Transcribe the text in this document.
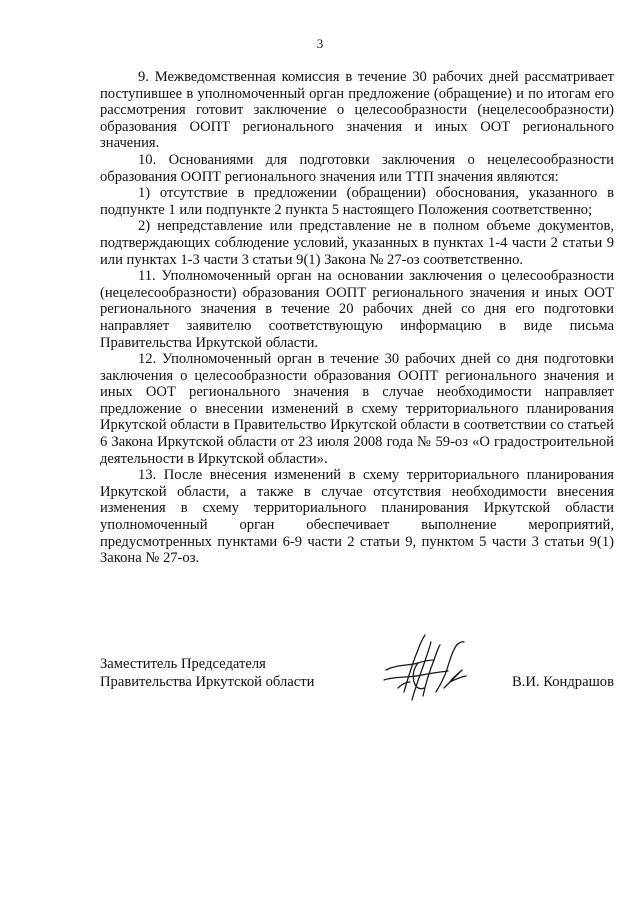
3

9. Межведомственная комиссия в течение 30 рабочих дней рассматривает поступившее в уполномоченный орган предложение (обращение) и по итогам его рассмотрения готовит заключение о целесообразности (нецелесообразности) образования ООПТ регионального значения и иных ООТ регионального значения.

10. Основаниями для подготовки заключения о нецелесообразности образования ООПТ регионального значения или ТТП значения являются:

1) отсутствие в предложении (обращении) обоснования, указанного в подпункте 1 или подпункте 2 пункта 5 настоящего Положения соответственно;

2) непредставление или представление не в полном объеме документов, подтверждающих соблюдение условий, указанных в пунктах 1-4 части 2 статьи 9 или пунктах 1-3 части 3 статьи 9(1) Закона № 27-оз соответственно.

11. Уполномоченный орган на основании заключения о целесообразности (нецелесообразности) образования ООПТ регионального значения и иных ООТ регионального значения в течение 20 рабочих дней со дня его подготовки направляет заявителю соответствующую информацию в виде письма Правительства Иркутской области.

12. Уполномоченный орган в течение 30 рабочих дней со дня подготовки заключения о целесообразности образования ООПТ регионального значения и иных ООТ регионального значения в случае необходимости направляет предложение о внесении изменений в схему территориального планирования Иркутской области в Правительство Иркутской области в соответствии со статьей 6 Закона Иркутской области от 23 июля 2008 года № 59-оз «О градостроительной деятельности в Иркутской области».

13. После внесения изменений в схему территориального планирования Иркутской области, а также в случае отсутствия необходимости внесения изменения в схему территориального планирования Иркутской области уполномоченный орган обеспечивает выполнение мероприятий, предусмотренных пунктами 6-9 части 2 статьи 9, пунктом 5 части 3 статьи 9(1) Закона № 27-оз.

Заместитель Председателя
Правительства Иркутской области	В.И. Кондрашов
